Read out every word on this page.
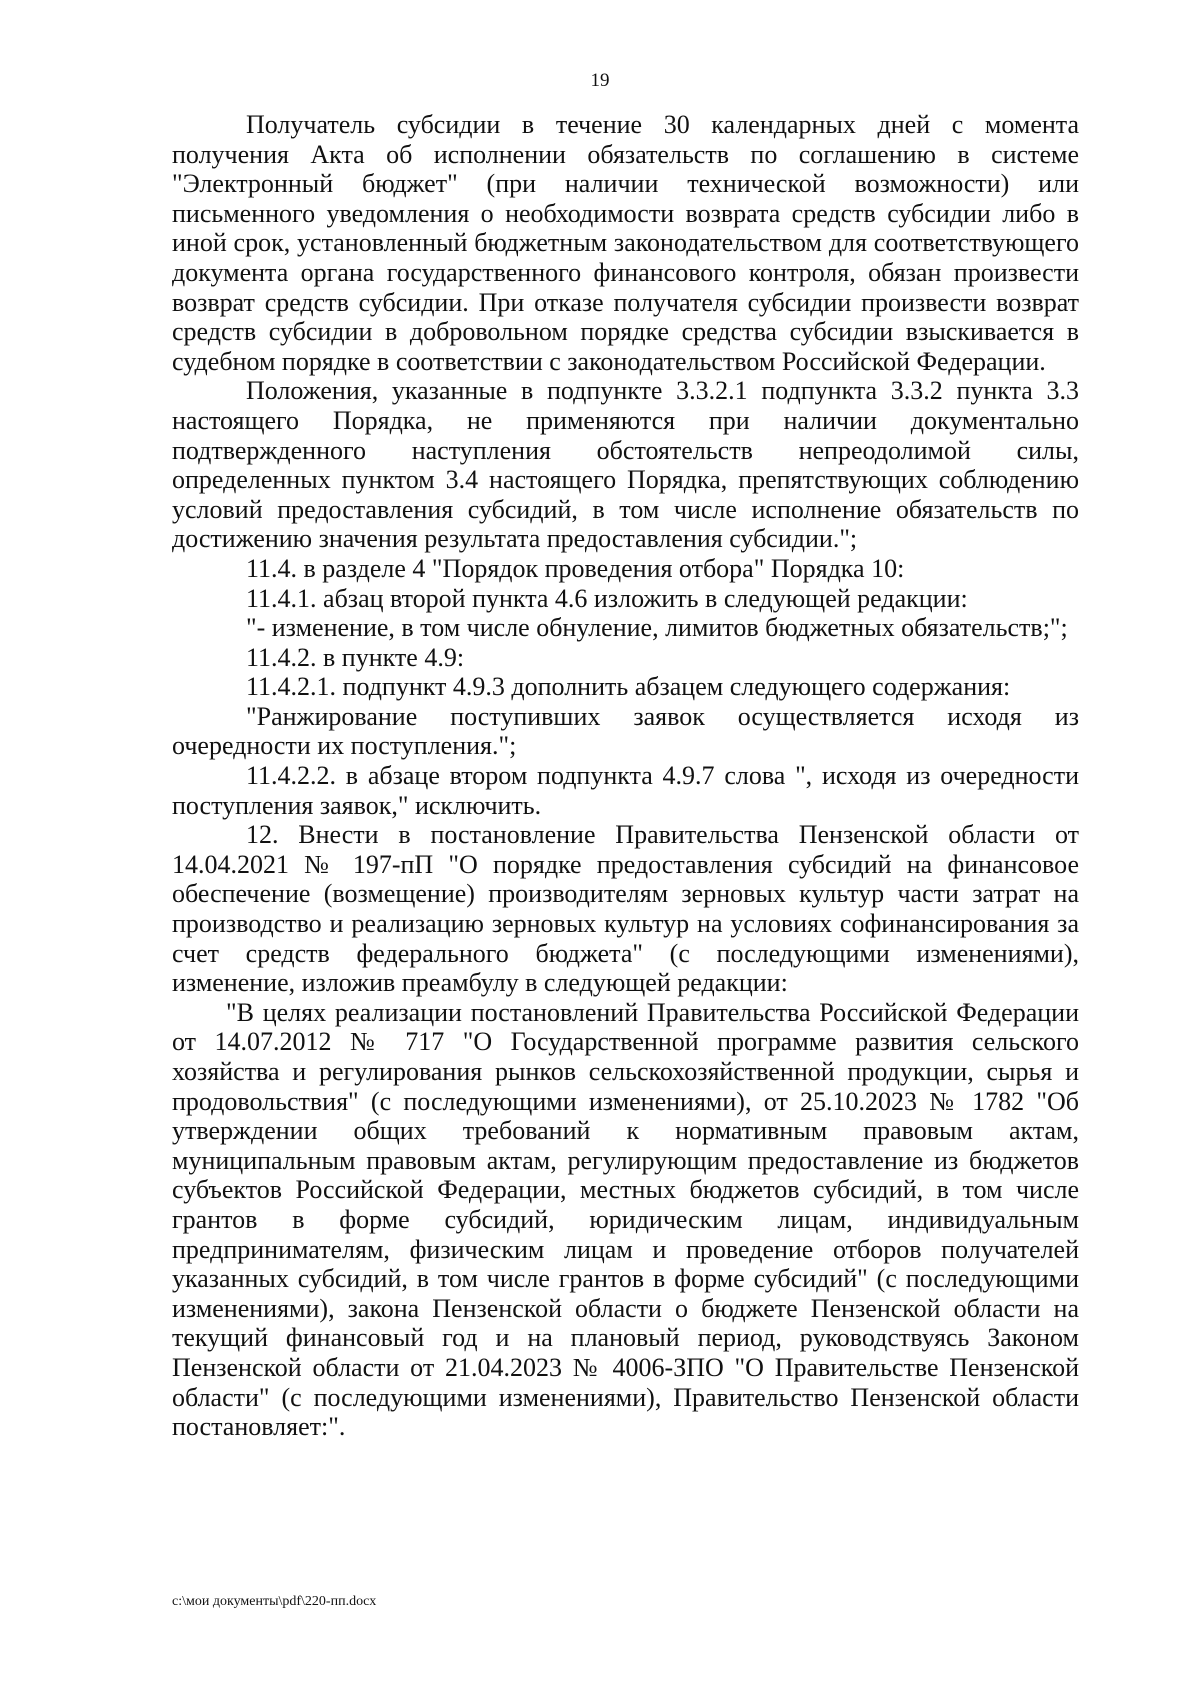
19

Получатель субсидии в течение 30 календарных дней с момента получения Акта об исполнении обязательств по соглашению в системе "Электронный бюджет" (при наличии технической возможности) или письменного уведомления о необходимости возврата средств субсидии либо в иной срок, установленный бюджетным законодательством для соответствующего документа органа государственного финансового контроля, обязан произвести возврат средств субсидии. При отказе получателя субсидии произвести возврат средств субсидии в добровольном порядке средства субсидии взыскивается в судебном порядке в соответствии с законодательством Российской Федерации.

Положения, указанные в подпункте 3.3.2.1 подпункта 3.3.2 пункта 3.3 настоящего Порядка, не применяются при наличии документально подтвержденного наступления обстоятельств непреодолимой силы, определенных пунктом 3.4 настоящего Порядка, препятствующих соблюдению условий предоставления субсидий, в том числе исполнение обязательств по достижению значения результата предоставления субсидии.";

11.4. в разделе 4 "Порядок проведения отбора" Порядка 10:

11.4.1. абзац второй пункта 4.6 изложить в следующей редакции:

"- изменение, в том числе обнуление, лимитов бюджетных обязательств;";

11.4.2. в пункте 4.9:

11.4.2.1. подпункт 4.9.3 дополнить абзацем следующего содержания:

"Ранжирование поступивших заявок осуществляется исходя из очередности их поступления.";

11.4.2.2. в абзаце втором подпункта 4.9.7 слова ", исходя из очередности поступления заявок," исключить.

12. Внести в постановление Правительства Пензенской области от 14.04.2021 № 197-пП "О порядке предоставления субсидий на финансовое обеспечение (возмещение) производителям зерновых культур части затрат на производство и реализацию зерновых культур на условиях софинансирования за счет средств федерального бюджета" (с последующими изменениями), изменение, изложив преамбулу в следующей редакции:

"В целях реализации постановлений Правительства Российской Федерации от 14.07.2012 № 717 "О Государственной программе развития сельского хозяйства и регулирования рынков сельскохозяйственной продукции, сырья и продовольствия" (с последующими изменениями), от 25.10.2023 № 1782 "Об утверждении общих требований к нормативным правовым актам, муниципальным правовым актам, регулирующим предоставление из бюджетов субъектов Российской Федерации, местных бюджетов субсидий, в том числе грантов в форме субсидий, юридическим лицам, индивидуальным предпринимателям, физическим лицам и проведение отборов получателей указанных субсидий, в том числе грантов в форме субсидий" (с последующими изменениями), закона Пензенской области о бюджете Пензенской области на текущий финансовый год и на плановый период, руководствуясь Законом Пензенской области от 21.04.2023 № 4006-ЗПО "О Правительстве Пензенской области" (с последующими изменениями), Правительство Пензенской области постановляет:".

c:\мои документы\pdf\220-пп.docx
